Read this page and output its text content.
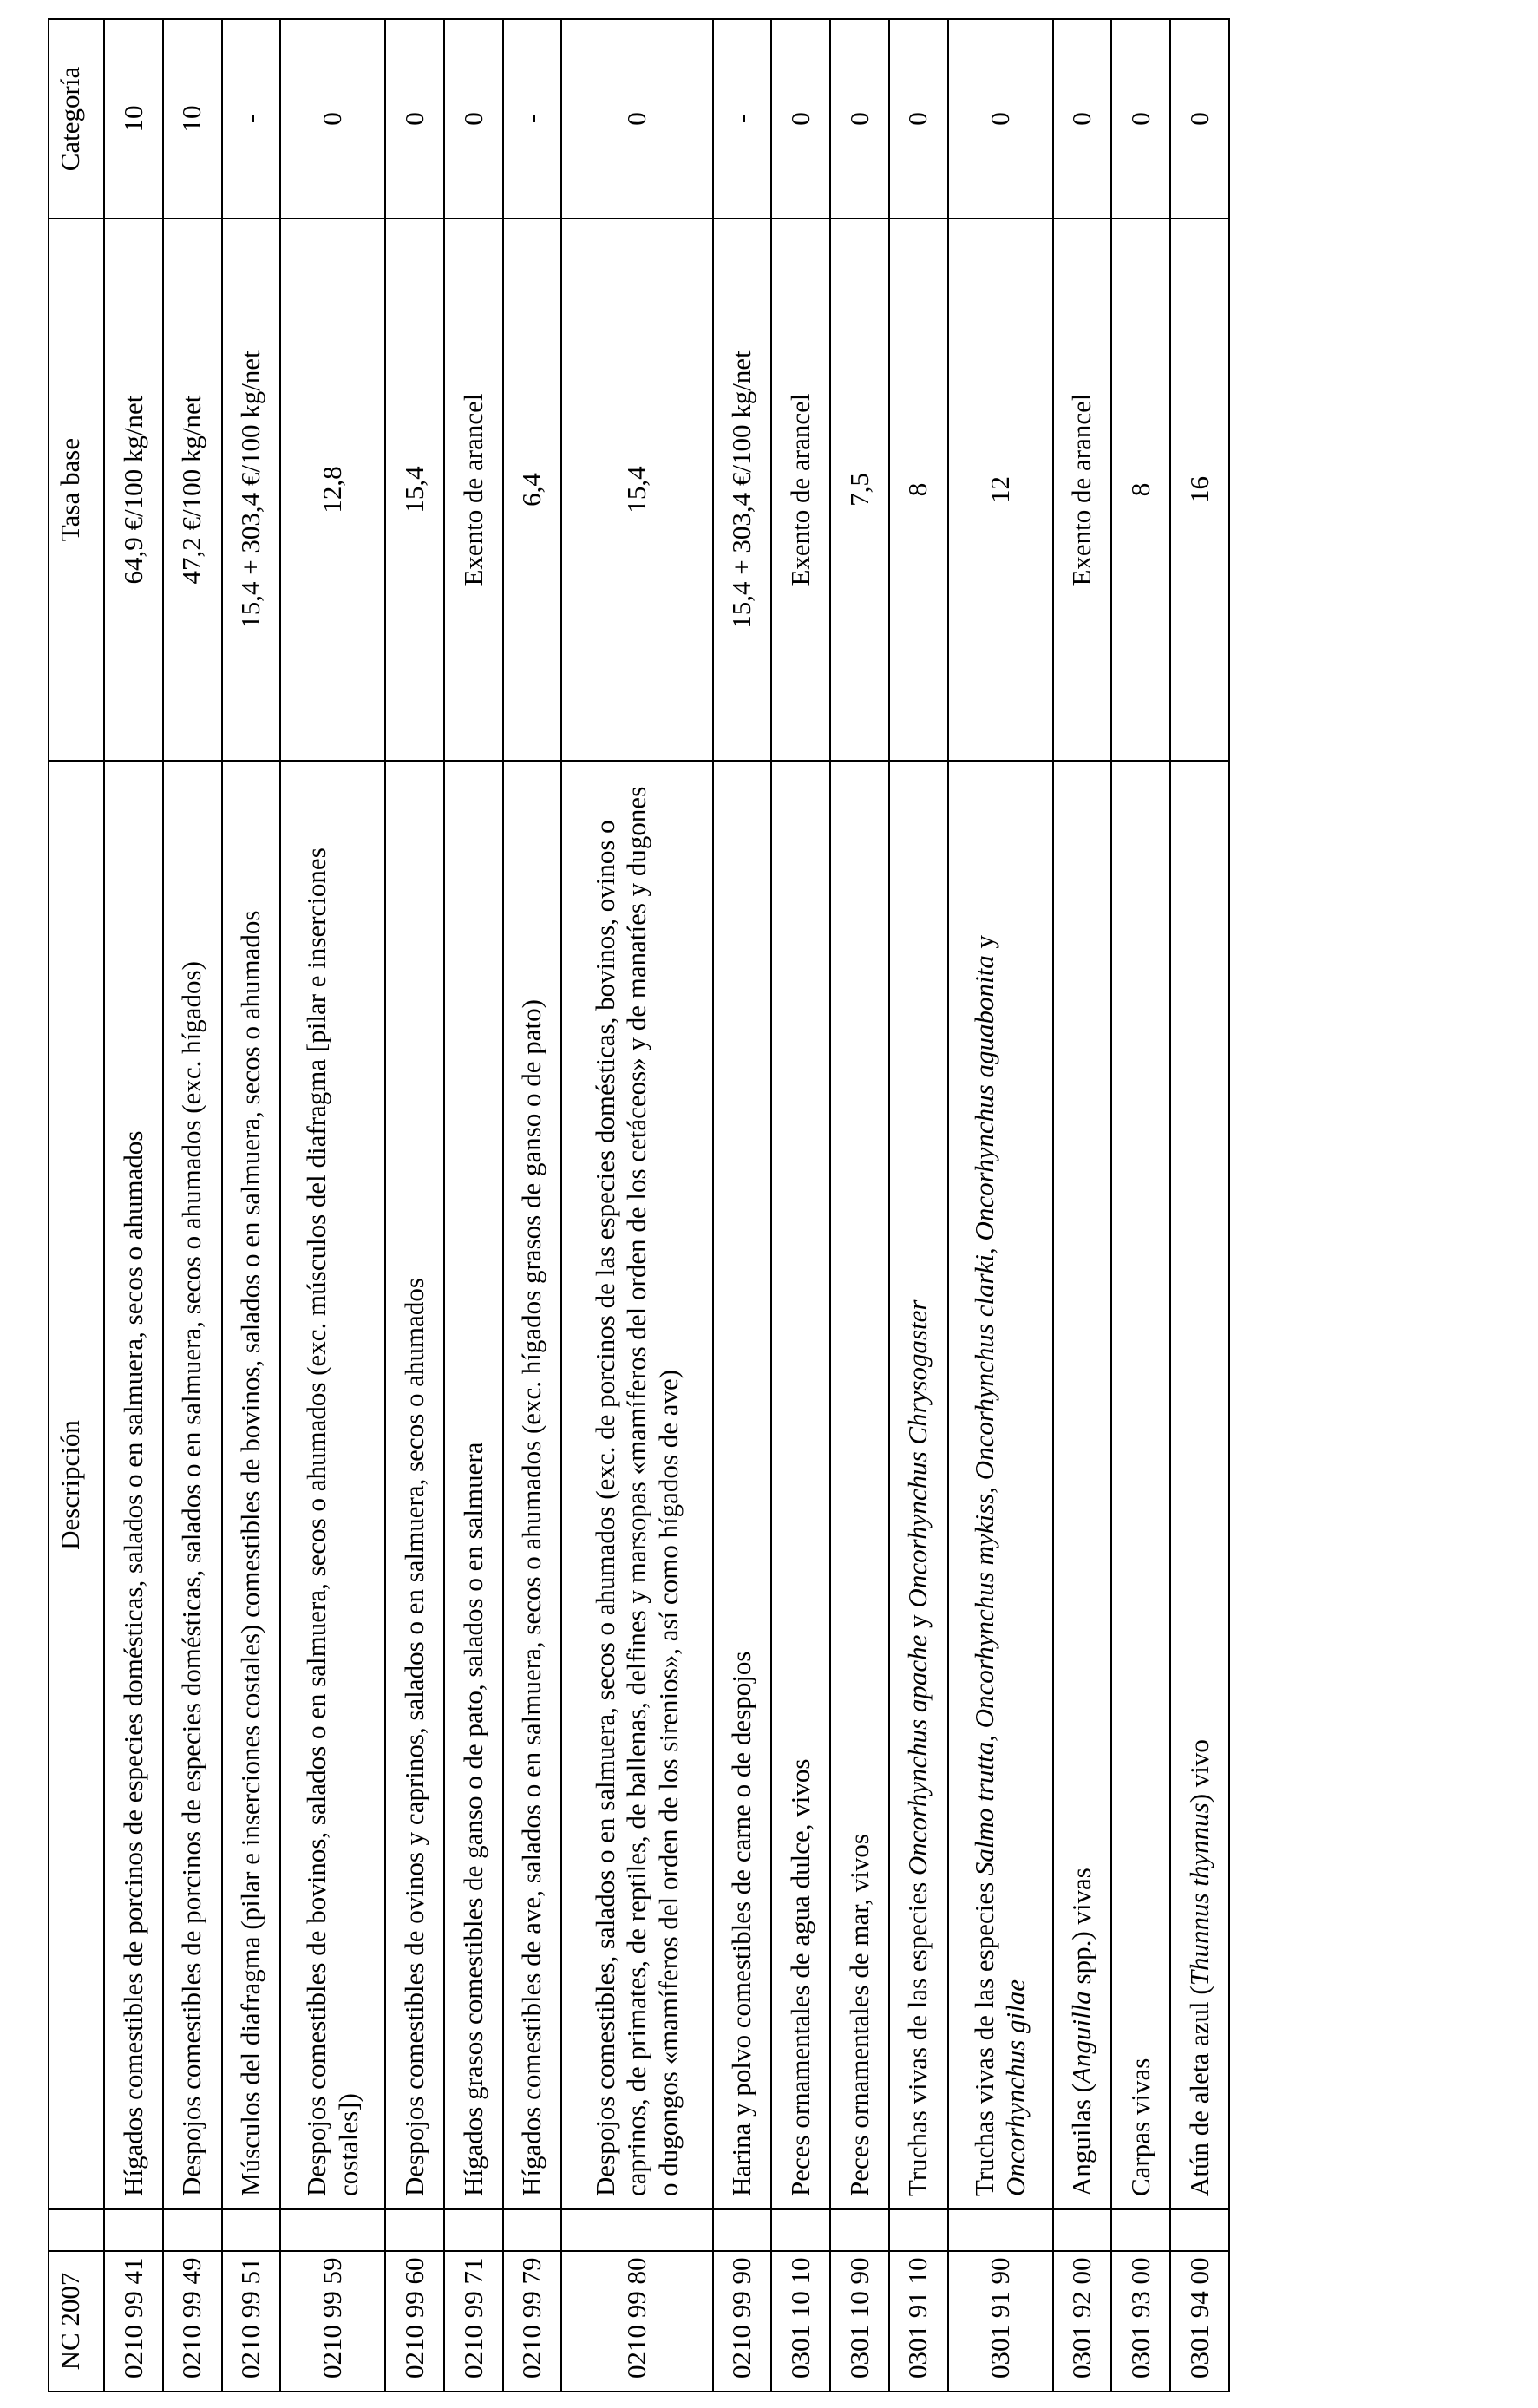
NC 2007		Descripción	Tasa base	Categoría
0210 99 41		Hígados comestibles de porcinos de especies domésticas, salados o en salmuera, secos o ahumados	64,9 €/100 kg/net	10
0210 99 49		Despojos comestibles de porcinos de especies domésticas, salados o en salmuera, secos o ahumados (exc. hígados)	47,2 €/100 kg/net	10
0210 99 51		Músculos del diafragma (pilar e inserciones costales) comestibles de bovinos, salados o en salmuera, secos o ahumados	15,4 + 303,4 €/100 kg/net	-
0210 99 59		Despojos comestibles de bovinos, salados o en salmuera, secos o ahumados (exc. músculos del diafragma [pilar e inserciones costales])	12,8	0
0210 99 60		Despojos comestibles de ovinos y caprinos, salados o en salmuera, secos o ahumados	15,4	0
0210 99 71		Hígados grasos comestibles de ganso o de pato, salados o en salmuera	Exento de arancel	0
0210 99 79		Hígados comestibles de ave, salados o en salmuera, secos o ahumados (exc. hígados grasos de ganso o de pato)	6,4	-
0210 99 80		Despojos comestibles, salados o en salmuera, secos o ahumados (exc. de porcinos de las especies domésticas, bovinos, ovinos o caprinos, de primates, de reptiles, de ballenas, delfines y marsopas «mamíferos del orden de los cetáceos» y de manatíes y dugones o dugongos «mamíferos del orden de los sirenios», así como hígados de ave)	15,4	0
0210 99 90		Harina y polvo comestibles de carne o de despojos	15,4 + 303,4 €/100 kg/net	-
0301 10 10		Peces ornamentales de agua dulce, vivos	Exento de arancel	0
0301 10 90		Peces ornamentales de mar, vivos	7,5	0
0301 91 10		Truchas vivas de las especies Oncorhynchus apache y Oncorhynchus Chrysogaster	8	0
0301 91 90		Truchas vivas de las especies Salmo trutta, Oncorhynchus mykiss, Oncorhynchus clarki, Oncorhynchus aguabonita y Oncorhynchus gilae	12	0
0301 92 00		Anguilas (Anguilla spp.) vivas	Exento de arancel	0
0301 93 00		Carpas vivas	8	0
0301 94 00		Atún de aleta azul (Thunnus thynnus) vivo	16	0
